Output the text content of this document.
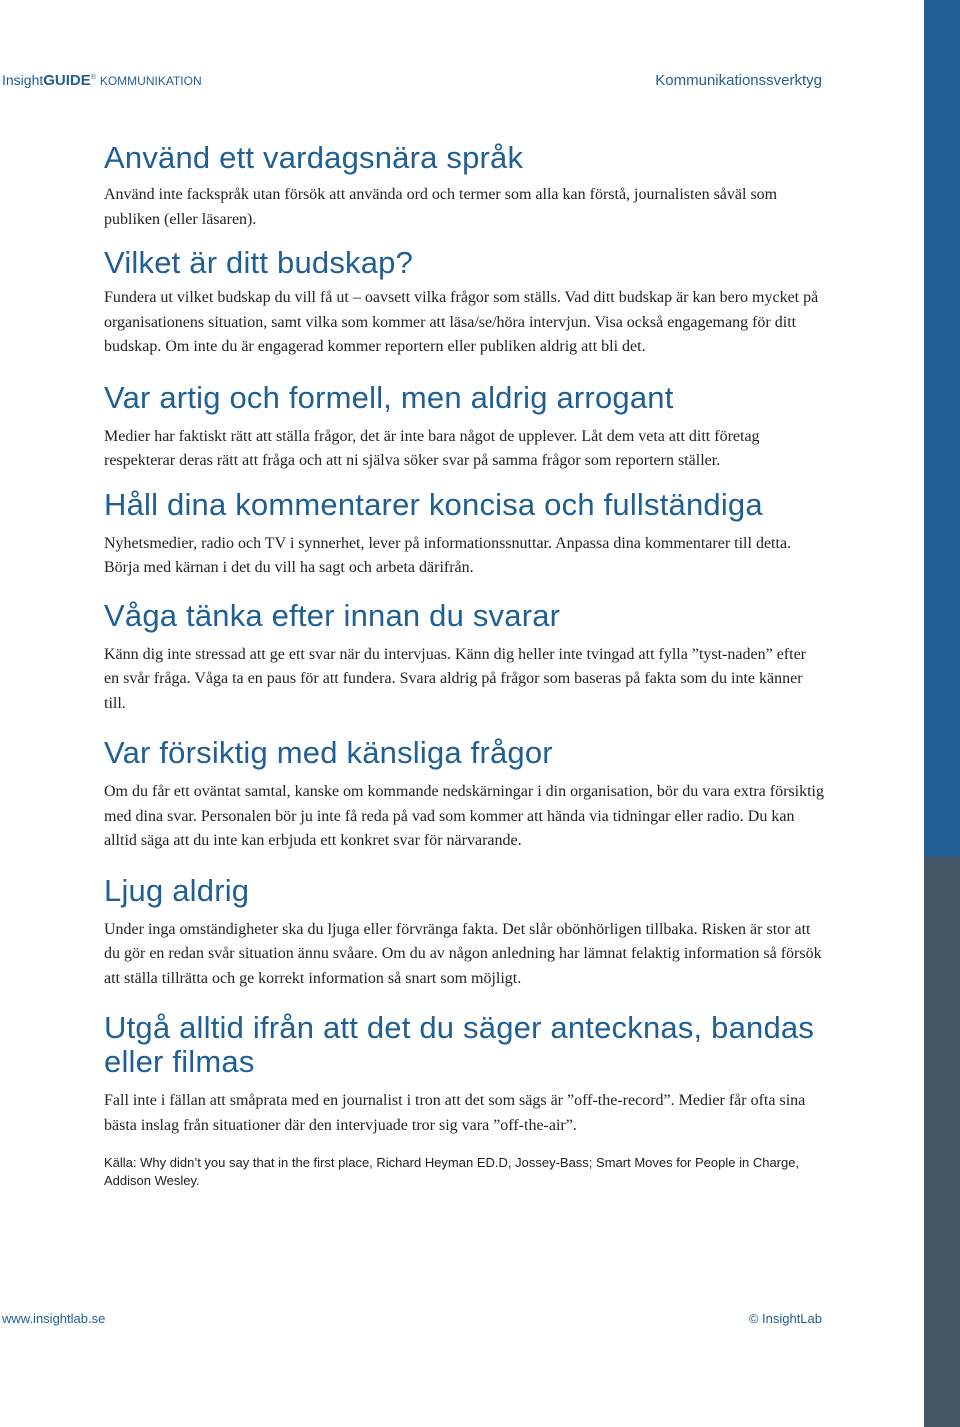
InsightGUIDE® KOMMUNIKATION	Kommunikationssverktyg
Använd ett vardagsnära språk

Använd inte fackspråk utan försök att använda ord och termer som alla kan förstå, journalisten såväl som publiken (eller läsaren).

Vilket är ditt budskap?

Fundera ut vilket budskap du vill få ut – oavsett vilka frågor som ställs. Vad ditt budskap är kan bero mycket på organisationens situation, samt vilka som kommer att läsa/se/höra intervjun. Visa också engagemang för ditt budskap. Om inte du är engagerad kommer reportern eller publiken aldrig att bli det.

Var artig och formell, men aldrig arrogant

Medier har faktiskt rätt att ställa frågor, det är inte bara något de upplever. Låt dem veta att ditt företag respekterar deras rätt att fråga och att ni själva söker svar på samma frågor som reportern ställer.

Håll dina kommentarer koncisa och fullständiga

Nyhetsmedier, radio och TV i synnerhet, lever på informationssnuttar. Anpassa dina kommentarer till detta. Börja med kärnan i det du vill ha sagt och arbeta därifrån.

Våga tänka efter innan du svarar

Känn dig inte stressad att ge ett svar när du intervjuas. Känn dig heller inte tvingad att fylla ”tyst-naden” efter en svår fråga. Våga ta en paus för att fundera. Svara aldrig på frågor som baseras på fakta som du inte känner till.

Var försiktig med känsliga frågor

Om du får ett oväntat samtal, kanske om kommande nedskärningar i din organisation, bör du vara extra försiktig med dina svar. Personalen bör ju inte få reda på vad som kommer att hända via tidningar eller radio. Du kan alltid säga att du inte kan erbjuda ett konkret svar för närvarande.

Ljug aldrig

Under inga omständigheter ska du ljuga eller förvränga fakta. Det slår obönhörligen tillbaka. Risken är stor att du gör en redan svår situation ännu svåare. Om du av någon anledning har lämnat felaktig information så försök att ställa tillrätta och ge korrekt information så snart som möjligt.

Utgå alltid ifrån att det du säger antecknas, bandas eller filmas

Fall inte i fällan att småprata med en journalist i tron att det som sägs är ”off-the-record”. Medier får ofta sina bästa inslag från situationer där den intervjuade tror sig vara ”off-the-air”.

Källa: Why didn’t you say that in the first place, Richard Heyman ED.D, Jossey-Bass; Smart Moves for People in Charge, Addison Wesley.
www.insightlab.se	© InsightLab
